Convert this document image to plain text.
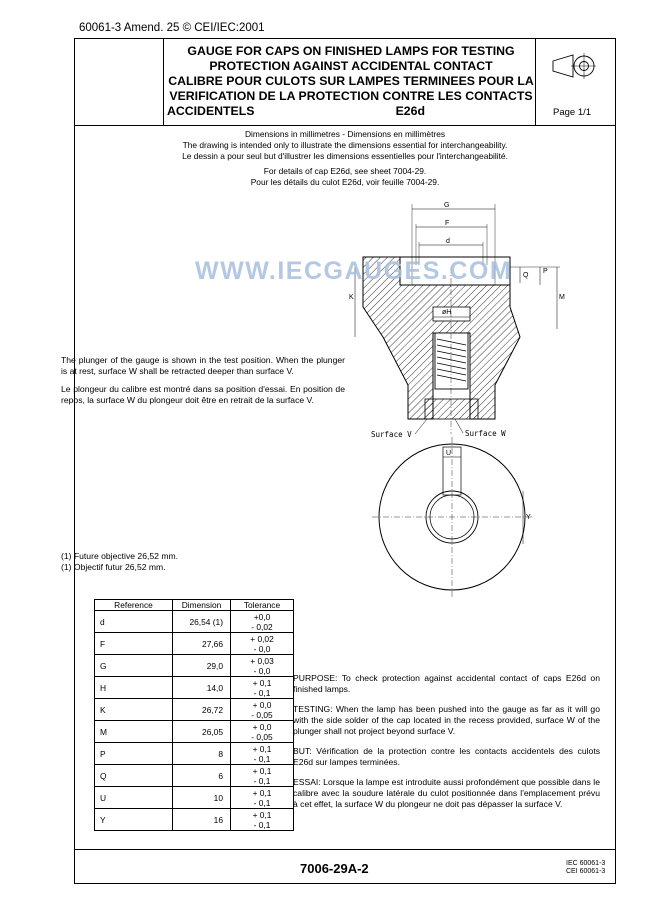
60061-3 Amend. 25 © CEI/IEC:2001
GAUGE FOR CAPS ON FINISHED LAMPS FOR TESTING
PROTECTION AGAINST ACCIDENTAL CONTACT
CALIBRE POUR CULOTS SUR LAMPES TERMINEES POUR LA
VERIFICATION DE LA PROTECTION CONTRE LES CONTACTS
ACCIDENTELS	E26d	Page 1/1
Dimensions in millimetres - Dimensions en millimètres
The drawing is intended only to illustrate the dimensions essential for interchangeability.
Le dessin a pour seul but d'illustrer les dimensions essentielles pour l'interchangeabilité.
For details of cap E26d, see sheet 7004-29.
Pour les détails du culot E26d, voir feuille 7004-29.
G
F
d
Q
P
K	M
øH
Surface V	Surface W
U
Y
WWW.IECGAUGES.COM

The plunger of the gauge is shown in the test position. When the plunger is at rest, surface W shall be retracted deeper than surface V.

Le plongeur du calibre est montré dans sa position d'essai. En position de repos, la surface W du plongeur doit être en retrait de la surface V.

(1) Future objective 26,52 mm.
(1) Objectif futur 26,52 mm.
Reference	Dimension	Tolerance
d	26,54 (1)	+0,0
- 0,02

F	27,66	+ 0,02
- 0,0

G	29,0	+ 0,03
- 0,0

H	14,0	+ 0,1
- 0,1

K	26,72	+ 0,0
- 0,05

M	26,05	+ 0,0
- 0,05

P	8	+ 0,1
- 0,1

Q	6	+ 0,1
- 0,1

U	10	+ 0,1
- 0,1

Y	16	+ 0,1
- 0,1

PURPOSE: To check protection against accidental contact of caps E26d on finished lamps.

TESTING: When the lamp has been pushed into the gauge as far as it will go with the side solder of the cap located in the recess provided, surface W of the plunger shall not project beyond surface V.

BUT: Vérification de la protection contre les contacts accidentels des culots E26d sur lampes terminées.

ESSAI: Lorsque la lampe est introduite aussi profondément que possible dans le calibre avec la soudure latérale du culot positionnée dans l'emplacement prévu à cet effet, la surface W du plongeur ne doit pas dépasser la surface V.

7006-29A-2	IEC 60061-3
CEI 60061-3
